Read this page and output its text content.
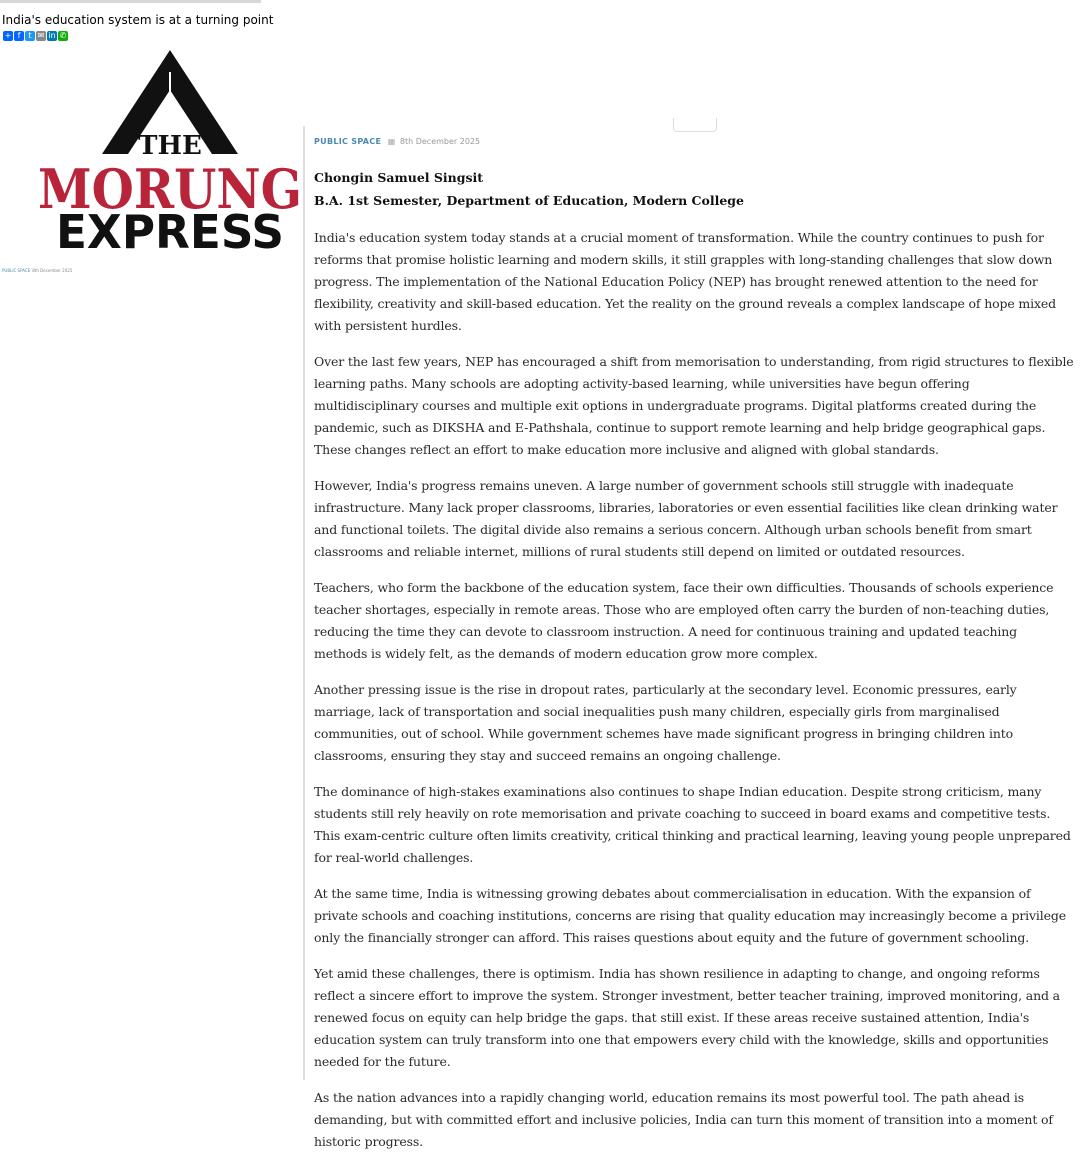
India's education system is at a turning point
+ f	t ✉ in ✆
THE
MORUNG
EXPRESS
PUBLIC SPACE 8th December 2025
PUBLIC SPACE ▦ 8th December 2025

Chongin Samuel Singsit

B.A. 1st Semester, Department of Education, Modern College

India's education system today stands at a crucial moment of transformation. While the country continues to push for reforms that promise holistic learning and modern skills, it still grapples with long-standing challenges that slow down progress. The implementation of the National Education Policy (NEP) has brought renewed attention to the need for flexibility, creativity and skill-based education. Yet the reality on the ground reveals a complex landscape of hope mixed with persistent hurdles.

Over the last few years, NEP has encouraged a shift from memorisation to understanding, from rigid structures to flexible learning paths. Many schools are adopting activity-based learning, while universities have begun offering multidisciplinary courses and multiple exit options in undergraduate programs. Digital platforms created during the pandemic, such as DIKSHA and E-Pathshala, continue to support remote learning and help bridge geographical gaps. These changes reflect an effort to make education more inclusive and aligned with global standards.

However, India's progress remains uneven. A large number of government schools still struggle with inadequate infrastructure. Many lack proper classrooms, libraries, laboratories or even essential facilities like clean drinking water and functional toilets. The digital divide also remains a serious concern. Although urban schools benefit from smart classrooms and reliable internet, millions of rural students still depend on limited or outdated resources.

Teachers, who form the backbone of the education system, face their own difficulties. Thousands of schools experience teacher shortages, especially in remote areas. Those who are employed often carry the burden of non-teaching duties, reducing the time they can devote to classroom instruction. A need for continuous training and updated teaching methods is widely felt, as the demands of modern education grow more complex.

Another pressing issue is the rise in dropout rates, particularly at the secondary level. Economic pressures, early marriage, lack of transportation and social inequalities push many children, especially girls from marginalised communities, out of school. While government schemes have made significant progress in bringing children into classrooms, ensuring they stay and succeed remains an ongoing challenge.

The dominance of high-stakes examinations also continues to shape Indian education. Despite strong criticism, many students still rely heavily on rote memorisation and private coaching to succeed in board exams and competitive tests. This exam-centric culture often limits creativity, critical thinking and practical learning, leaving young people unprepared for real-world challenges.

At the same time, India is witnessing growing debates about commercialisation in education. With the expansion of private schools and coaching institutions, concerns are rising that quality education may increasingly become a privilege only the financially stronger can afford. This raises questions about equity and the future of government schooling.

Yet amid these challenges, there is optimism. India has shown resilience in adapting to change, and ongoing reforms reflect a sincere effort to improve the system. Stronger investment, better teacher training, improved monitoring, and a renewed focus on equity can help bridge the gaps. that still exist. If these areas receive sustained attention, India's education system can truly transform into one that empowers every child with the knowledge, skills and opportunities needed for the future.

As the nation advances into a rapidly changing world, education remains its most powerful tool. The path ahead is demanding, but with committed effort and inclusive policies, India can turn this moment of transition into a moment of historic progress.
